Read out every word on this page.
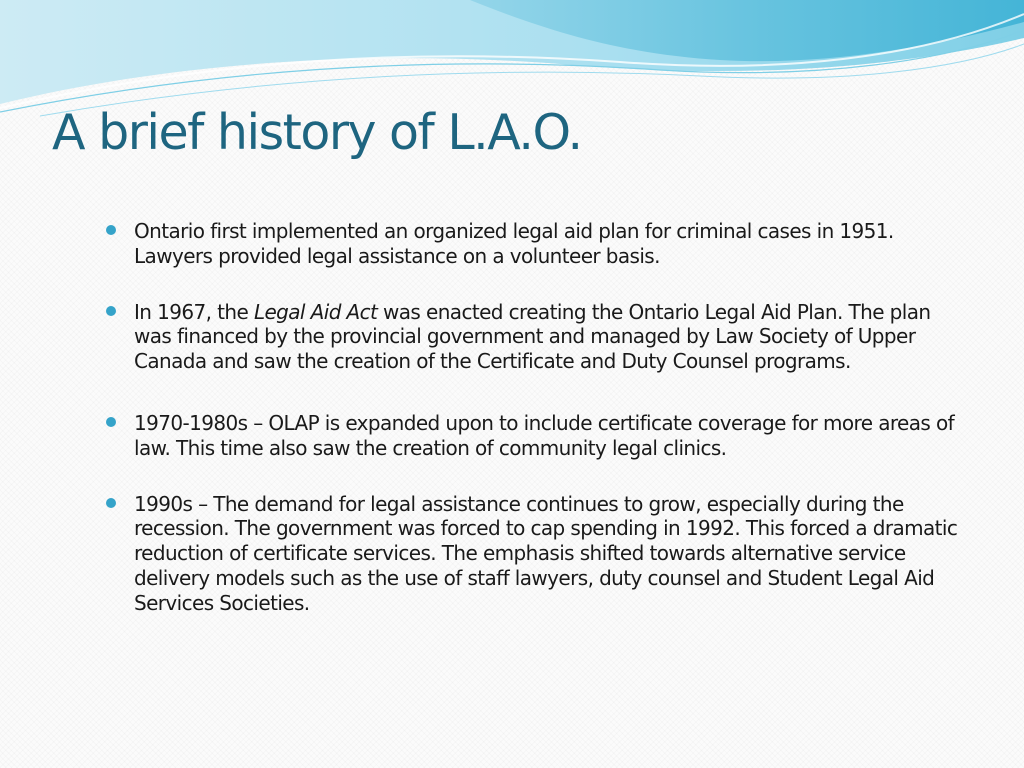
A brief history of L.A.O.
Ontario first implemented an organized legal aid plan for criminal cases in 1951. Lawyers provided legal assistance on a volunteer basis.
In 1967, the Legal Aid Act was enacted creating the Ontario Legal Aid Plan. The plan was financed by the provincial government and managed by Law Society of Upper Canada and saw the creation of the Certificate and Duty Counsel programs.
1970-1980s – OLAP is expanded upon to include certificate coverage for more areas of law. This time also saw the creation of community legal clinics.
1990s – The demand for legal assistance continues to grow, especially during the recession. The government was forced to cap spending in 1992. This forced a dramatic reduction of certificate services. The emphasis shifted towards alternative service delivery models such as the use of staff lawyers, duty counsel and Student Legal Aid Services Societies.
